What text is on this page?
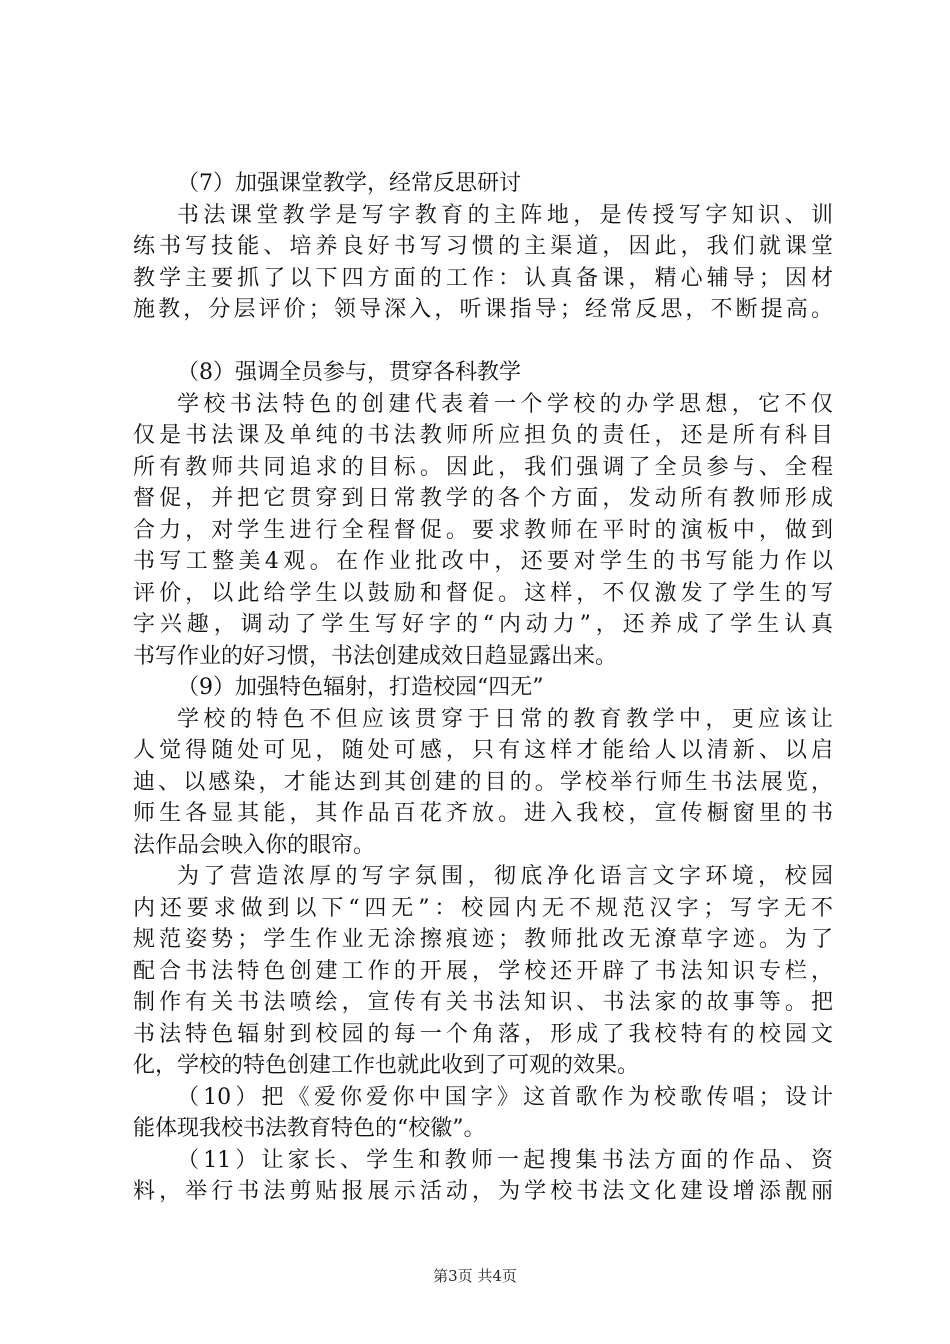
（7）加强课堂教学，经常反思研讨
书法课堂教学是写字教育的主阵地，是传授写字知识、训
练书写技能、培养良好书写习惯的主渠道，因此，我们就课堂
教学主要抓了以下四方面的工作：认真备课，精心辅导；因材
施教，分层评价；领导深入，听课指导；经常反思，不断提高。
（8）强调全员参与，贯穿各科教学
学校书法特色的创建代表着一个学校的办学思想，它不仅
仅是书法课及单纯的书法教师所应担负的责任，还是所有科目
所有教师共同追求的目标。因此，我们强调了全员参与、全程
督促，并把它贯穿到日常教学的各个方面，发动所有教师形成
合力，对学生进行全程督促。要求教师在平时的演板中，做到
书写工整美4观。在作业批改中，还要对学生的书写能力作以
评价，以此给学生以鼓励和督促。这样，不仅激发了学生的写
字兴趣，调动了学生写好字的“内动力”，还养成了学生认真
书写作业的好习惯，书法创建成效日趋显露出来。
（9）加强特色辐射，打造校园“四无”
学校的特色不但应该贯穿于日常的教育教学中，更应该让
人觉得随处可见，随处可感，只有这样才能给人以清新、以启
迪、以感染，才能达到其创建的目的。学校举行师生书法展览，
师生各显其能，其作品百花齐放。进入我校，宣传橱窗里的书
法作品会映入你的眼帘。
为了营造浓厚的写字氛围，彻底净化语言文字环境，校园
内还要求做到以下“四无”：校园内无不规范汉字；写字无不
规范姿势；学生作业无涂擦痕迹；教师批改无潦草字迹。为了
配合书法特色创建工作的开展，学校还开辟了书法知识专栏，
制作有关书法喷绘，宣传有关书法知识、书法家的故事等。把
书法特色辐射到校园的每一个角落，形成了我校特有的校园文
化，学校的特色创建工作也就此收到了可观的效果。
（10）把《爱你爱你中国字》这首歌作为校歌传唱；设计
能体现我校书法教育特色的“校徽”。
（11）让家长、学生和教师一起搜集书法方面的作品、资
料，举行书法剪贴报展示活动，为学校书法文化建设增添靓丽
第3页 共4页
